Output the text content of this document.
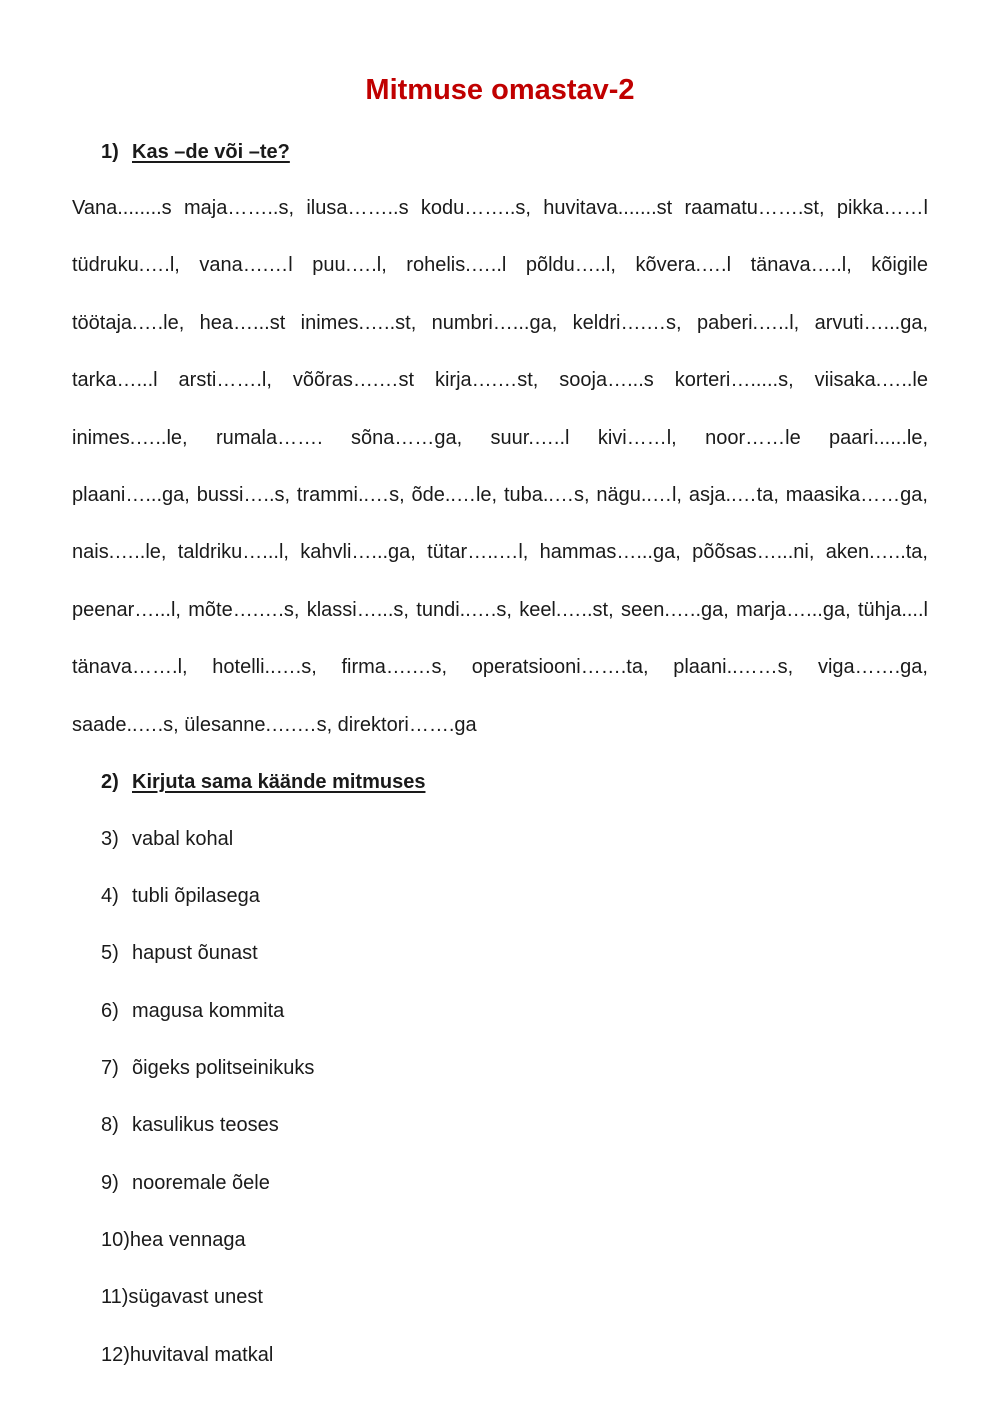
Mitmuse omastav-2
1) Kas –de või –te?
Vana........s maja……..s, ilusa……..s kodu……..s, huvitava.......st raamatu…….st, pikka……l
tüdruku.….l, vana….…l puu.….l, rohelis.…..l põldu…..l, kõvera.….l tänava…..l, kõigile
töötaja.….le, hea…...st inimes.…..st, numbri…...ga, keldri….…s, paberi.…..l, arvuti…...ga,
tarka…...l arsti…….l, võõras….…st kirja….…st, sooja…...s korteri….....s, viisaka.…..le
inimes.…..le, rumala……. sõna……ga, suur.…..l kivi……l, noor……le paari......le,
plaani…...ga, bussi…..s, trammi..…s, õde..…le, tuba..…s, nägu..…l, asja..…ta, maasika……ga,
nais.…..le, taldriku…...l, kahvli…...ga, tütar…..…l, hammas…...ga, põõsas…...ni, aken.…..ta,
peenar…...l, mõte….….s, klassi…...s, tundi..….s, keel.…..st, seen.…..ga, marja…...ga, tühja....l
tänava…….l, hotelli..….s, firma….…s, operatsiooni…….ta, plaani..……s, viga…….ga,
saade..….s, ülesanne.….…s, direktori…….ga
2) Kirjuta sama käände mitmuses
3) vabal kohal
4) tubli õpilasega
5) hapust õunast
6) magusa kommita
7) õigeks politseinikuks
8) kasulikus teoses
9) nooremale õele
10)hea vennaga
11)sügavast unest
12)huvitaval matkal
